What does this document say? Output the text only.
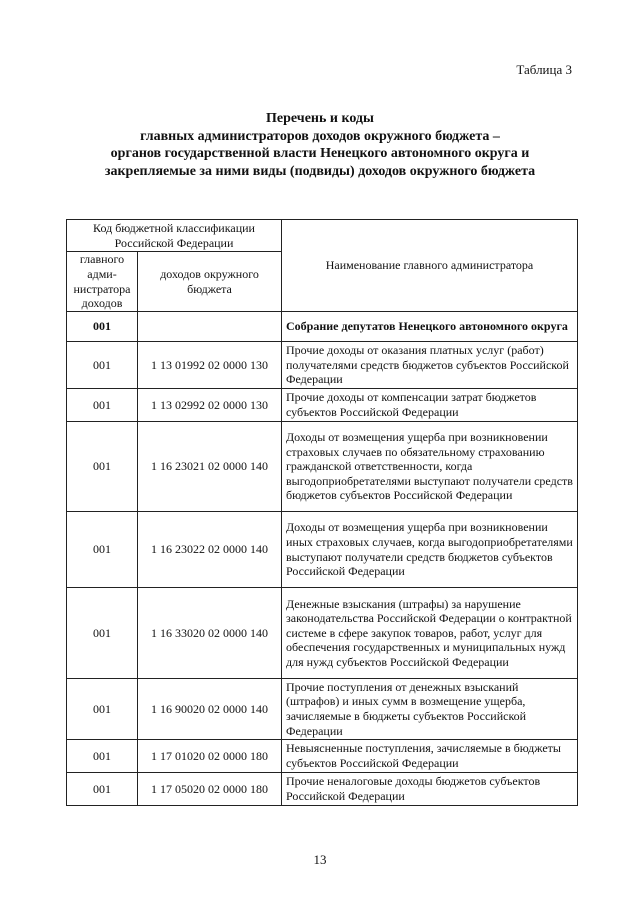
Таблица 3
Перечень и коды
главных администраторов доходов окружного бюджета –
органов государственной власти Ненецкого автономного округа и
закрепляемые за ними виды (подвиды) доходов окружного бюджета
Код бюджетной классификации Российской Федерации		Наименование главного администратора
главного адми-нистратора доходов	доходов окружного бюджета	
001		Собрание депутатов Ненецкого автономного округа
001	1 13 01992 02 0000 130	Прочие доходы от оказания платных услуг (работ) получателями средств бюджетов субъектов Российской Федерации
001	1 13 02992 02 0000 130	Прочие доходы от компенсации затрат бюджетов субъектов Российской Федерации
001	1 16 23021 02 0000 140	Доходы от возмещения ущерба при возникновении страховых случаев по обязательному страхованию гражданской ответственности, когда выгодоприобретателями выступают получатели средств бюджетов субъектов Российской Федерации
001	1 16 23022 02 0000 140	Доходы от возмещения ущерба при возникновении иных страховых случаев, когда выгодоприобретателями выступают получатели средств бюджетов субъектов Российской Федерации
001	1 16 33020 02 0000 140	Денежные взыскания (штрафы) за нарушение законодательства Российской Федерации о контрактной системе в сфере закупок товаров, работ, услуг для обеспечения государственных и муниципальных нужд для нужд субъектов Российской Федерации
001	1 16 90020 02 0000 140	Прочие поступления от денежных взысканий (штрафов) и иных сумм в возмещение ущерба, зачисляемые в бюджеты субъектов Российской Федерации
001	1 17 01020 02 0000 180	Невыясненные поступления, зачисляемые в бюджеты субъектов Российской Федерации
001	1 17 05020 02 0000 180	Прочие неналоговые доходы бюджетов субъектов Российской Федерации
13
